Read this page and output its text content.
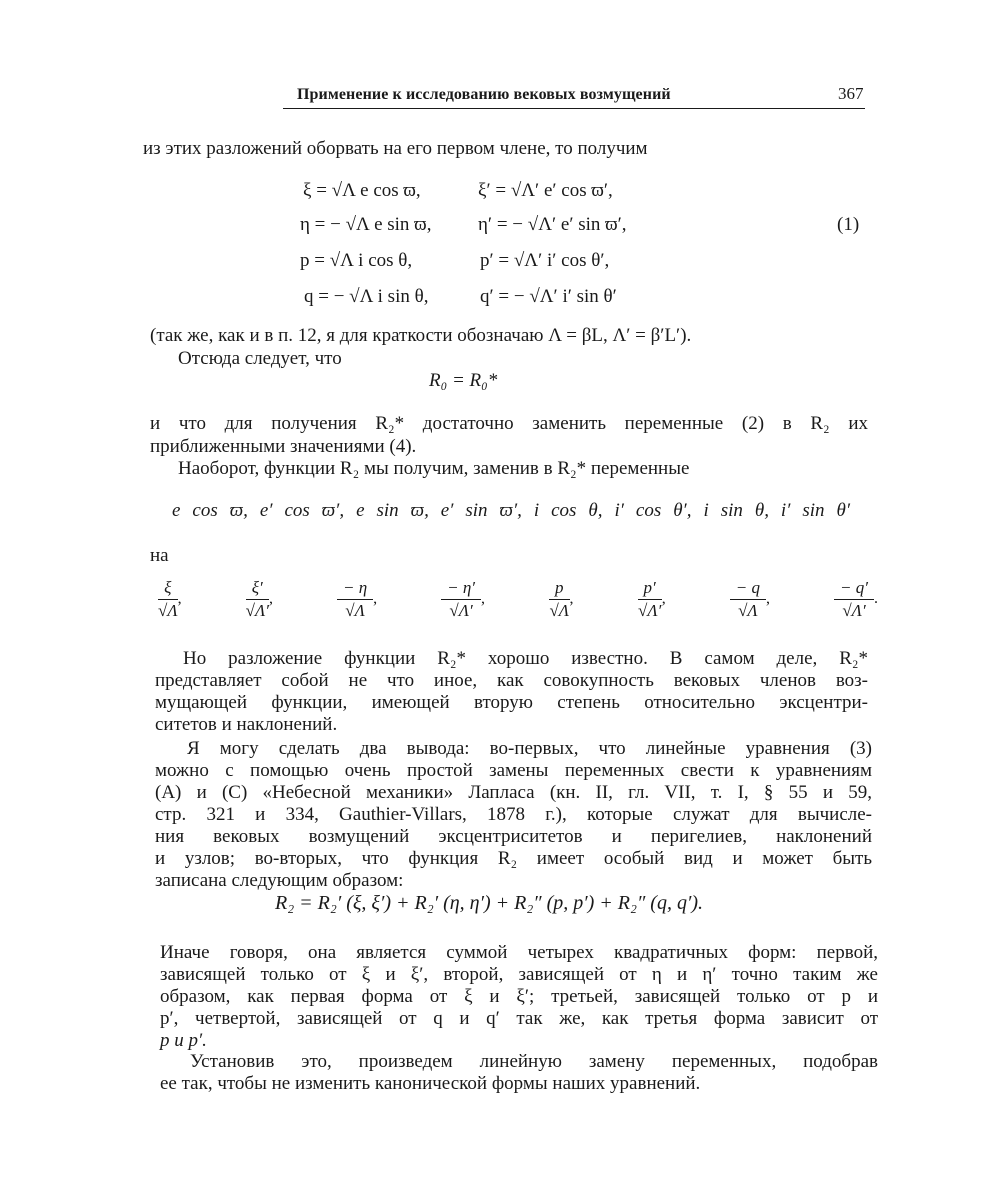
Применение к исследованию вековых возмущений	367
из этих разложений оборвать на его первом члене, то получим
ξ = √Λ e cos ϖ,	ξ′ = √Λ′ e′ cos ϖ′,
η = − √Λ e sin ϖ, η′ = − √Λ′ e′ sin ϖ′,
p = √Λ i cos θ,	p′ = √Λ′ i′ cos θ′,
q = − √Λ i sin θ,	q′ = − √Λ′ i′ sin θ′
(1)
(так же, как и в п. 12, я для краткости обозначаю Λ = βL, Λ′ = β′L′).
Отсюда следует, что
R₀ = R₀*
и что для получения R₂* достаточно заменить переменные (2) в R₂ их
приближенными значениями (4).
Наоборот, функции R₂ мы получим, заменив в R₂* переменные
e cos ϖ, e′ cos ϖ′, e sin ϖ, e′ sin ϖ′, i cos θ, i′ cos θ′, i sin θ, i′ sin θ′
на
$\frac{\xi}{√\Lambda}$ ,	$\frac{\xi'}{√\Lambda'}$ ,	$\frac{- \eta}{√\Lambda}$ ,	$\frac{- \eta'}{√\Lambda'}$ ,	$\frac{p}{√\Lambda}$ ,	$\frac{p'}{√\Lambda'}$ ,	$\frac{- q}{√\Lambda}$ ,	$\frac{- q'}{√\Lambda'}$ .
Но разложение функции R₂* хорошо известно. В самом деле, R₂*
представляет собой не что иное, как совокупность вековых членов воз-
мущающей функции, имеющей вторую степень относительно эксцентри-
ситетов и наклонений.
Я могу сделать два вывода: во-первых, что линейные уравнения (3)
можно с помощью очень простой замены переменных свести к уравнениям
(A) и (C) «Небесной механики» Лапласа (кн. II, гл. VII, т. I, § 55 и 59,
стр. 321 и 334, Gauthier-Villars, 1878 г.), которые служат для вычисле-
ния вековых возмущений эксцентриситетов и перигелиев, наклонений
и узлов; во-вторых, что функция R₂ имеет особый вид и может быть
записана следующим образом:
R₂ = R₂′ (ξ, ξ′) + R₂′ (η, η′) + R₂″ (p, p′) + R₂″ (q, q′).
Иначе говоря, она является суммой четырех квадратичных форм: первой,
зависящей только от ξ и ξ′, второй, зависящей от η и η′ точно таким же
образом, как первая форма от ξ и ξ′; третьей, зависящей только от p и
p′, четвертой, зависящей от q и q′ так же, как третья форма зависит от
p и p′.
Установив это, произведем линейную замену переменных, подобрав
ее так, чтобы не изменить канонической формы наших уравнений.
